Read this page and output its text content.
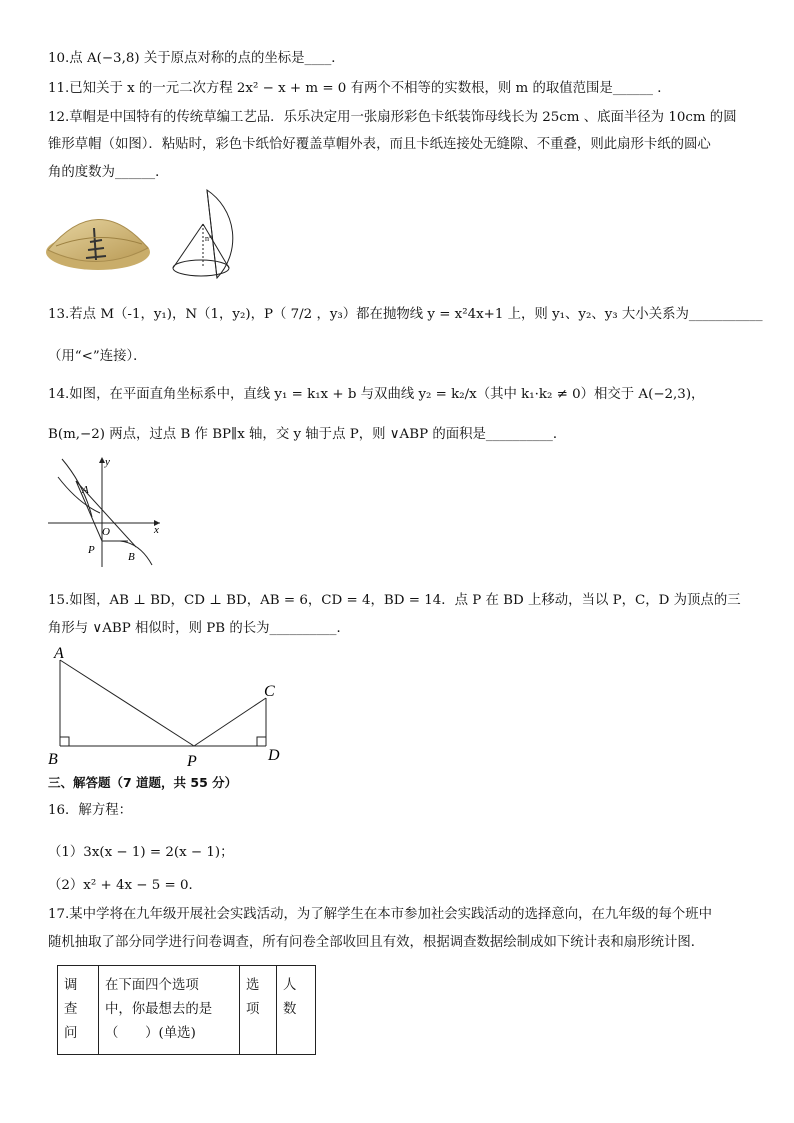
10.点 A(−3,8) 关于原点对称的点的坐标是____．
11.已知关于 x 的一元二次方程 2x² − x + m = 0 有两个不相等的实数根，则 m 的取值范围是______ ．
12.草帽是中国特有的传统草编工艺品．乐乐决定用一张扇形彩色卡纸装饰母线长为 25cm 、底面半径为 10cm 的圆
锥形草帽（如图）．粘贴时，彩色卡纸恰好覆盖草帽外表，而且卡纸连接处无缝隙、不重叠，则此扇形卡纸的圆心
角的度数为______．
n°
13.若点 M（-1，y₁)，N（1，y₂)，P（ 7/2 ，y₃）都在抛物线 y = x²4x+1 上，则 y₁、y₂、y₃ 大小关系为___________
（用“<”连接）．
14.如图，在平面直角坐标系中，直线 y₁ = k₁x + b 与双曲线 y₂ = k₂/x（其中 k₁·k₂ ≠ 0）相交于 A(−2,3)，
B(m,−2) 两点，过点 B 作 BP∥x 轴，交 y 轴于点 P，则 ∨ABP 的面积是__________．
y
x
A
O
P
B
15.如图，AB ⊥ BD，CD ⊥ BD，AB = 6，CD = 4，BD = 14．点 P 在 BD 上移动，当以 P，C，D 为顶点的三
角形与 ∨ABP 相似时，则 PB 的长为__________．
A
B
C
D
P
三、解答题（7 道题，共 55 分）
16．解方程：
（1）3x(x − 1) = 2(x − 1)；
（2）x² + 4x − 5 = 0．
17.某中学将在九年级开展社会实践活动，为了解学生在本市参加社会实践活动的选择意向，在九年级的每个班中
随机抽取了部分同学进行问卷调查，所有问卷全部收回且有效，根据调查数据绘制成如下统计表和扇形统计图．
调
查
问	在下面四个选项
中，你最想去的是
（　　）(单选)	选
项	人
数
